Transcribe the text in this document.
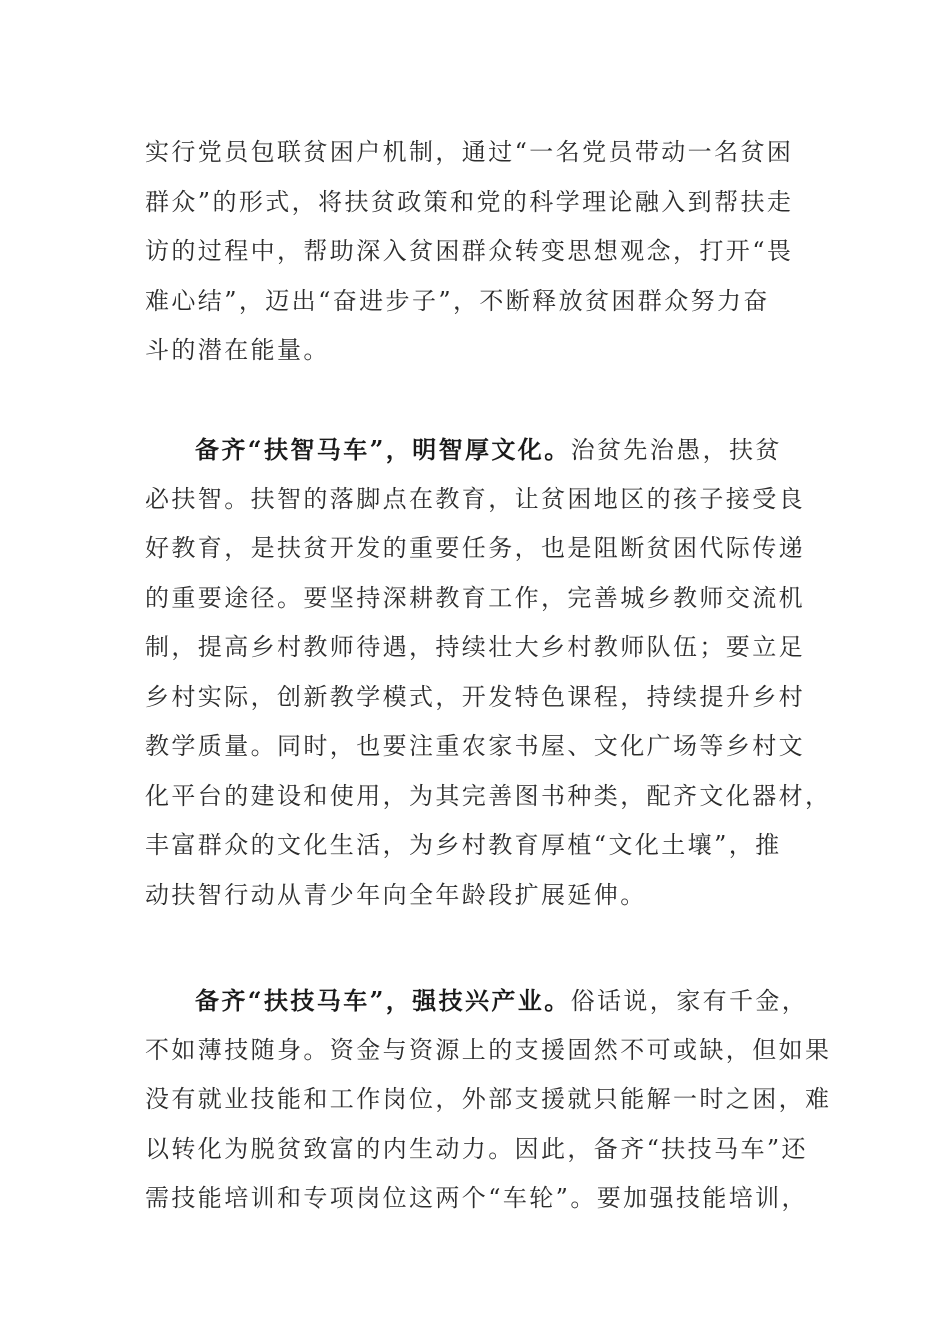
实行党员包联贫困户机制，通过“一名党员带动一名贫困
群众”的形式，将扶贫政策和党的科学理论融入到帮扶走
访的过程中，帮助深入贫困群众转变思想观念，打开“畏
难心结”，迈出“奋进步子”，不断释放贫困群众努力奋
斗的潜在能量。

备齐“扶智马车”，明智厚文化。治贫先治愚，扶贫
必扶智。扶智的落脚点在教育，让贫困地区的孩子接受良
好教育，是扶贫开发的重要任务，也是阻断贫困代际传递
的重要途径。要坚持深耕教育工作，完善城乡教师交流机
制，提高乡村教师待遇，持续壮大乡村教师队伍；要立足
乡村实际，创新教学模式，开发特色课程，持续提升乡村
教学质量。同时，也要注重农家书屋、文化广场等乡村文
化平台的建设和使用，为其完善图书种类，配齐文化器材，
丰富群众的文化生活，为乡村教育厚植“文化土壤”，推
动扶智行动从青少年向全年龄段扩展延伸。

备齐“扶技马车”，强技兴产业。俗话说，家有千金，
不如薄技随身。资金与资源上的支援固然不可或缺，但如果
没有就业技能和工作岗位，外部支援就只能解一时之困，难
以转化为脱贫致富的内生动力。因此，备齐“扶技马车”还
需技能培训和专项岗位这两个“车轮”。要加强技能培训，
